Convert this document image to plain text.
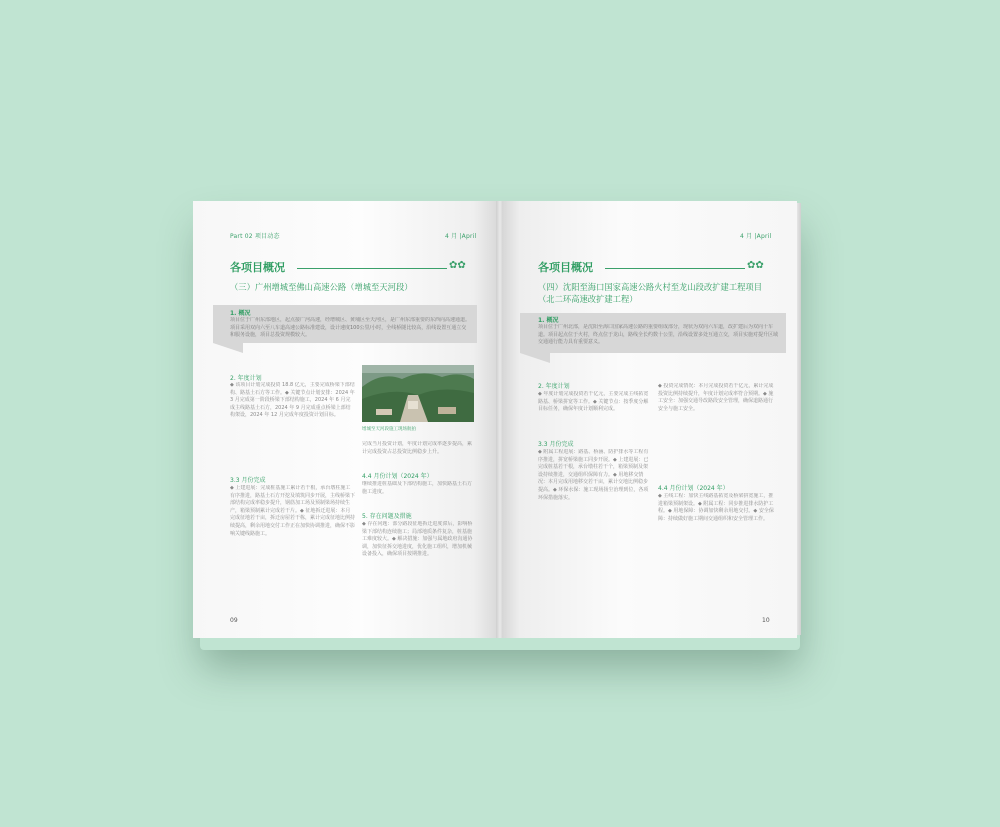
Part 02 项目动态	4 月 |April
各项目概况	✿✿
（三）广州增城至佛山高速公路（增城至天河段）
1. 概况
项目位于广州东部地区，起点接广河高速，经增城区、黄埔区至天河区，是广州东部重要的东西向高速通道。项目采用双向六至八车道高速公路标准建设，设计速度100公里/小时，全线桥隧比较高，沿线设置互通立交和服务设施，项目总投资规模较大。
2. 年度计划
◆ 该项目计划完成投资 18.8 亿元，主要完成桥梁下部结构、路基土石方等工作。◆ 关键节点计划安排：2024 年 3 月完成第一阶段桥梁下部结构施工，2024 年 6 月完成主线路基土石方，2024 年 9 月完成重点桥梁上部结构架设，2024 年 12 月完成年度投资计划目标。
增城至天河段施工现场航拍
完成当月投资计划，年度计划完成率逐步提高，累计完成投资占总投资比例稳步上升。
4.4 月份计划（2024 年）
继续推进桩基础及下部结构施工，加快路基土石方施工进度。
5. 存在问题及措施
◆ 存在问题：部分路段征地拆迁进度滞后，影响桥梁下部结构连续施工；局部地质条件复杂，桩基施工难度较大。◆ 解决措施：加强与属地政府沟通协调，加快征拆交地进度，优化施工组织，增加机械设备投入，确保项目按期推进。
3.3 月份完成
◆ 上建进展：完成桩基施工累计若干根，承台墩柱施工有序推进，路基土石方开挖及填筑同步开展，主线桥梁下部结构完成率稳步提升，钢筋加工场及预制梁场持续生产，箱梁预制累计完成若干片。◆ 征地拆迁进展：本月完成征地若干亩，拆迁房屋若干栋，累计完成征地比例持续提高，剩余用地交付工作正在加快协调推进，确保不影响关键线路施工。
09
4 月 |April
各项目概况	✿✿
（四）沈阳至海口国家高速公路火村至龙山段改扩建工程项目（北二环高速改扩建工程）
1. 概况
项目位于广州北部，是沈阳至海口国家高速公路的重要组成部分，现状为双向六车道，改扩建后为双向十车道。项目起点位于火村，终点位于龙山，路线全长约数十公里，沿线设置多处互通立交，项目实施对提升区域交通通行能力具有重要意义。
2. 年度计划
◆ 年度计划完成投资若干亿元，主要完成主线拓宽路基、桥梁拼宽等工作。◆ 关键节点：按季度分解目标任务，确保年度计划顺利完成。
3.3 月份完成
◆ 附属工程进展：路基、桥涵、防护排水等工程有序推进，拼宽桥梁施工同步开展。◆ 上建进展：已完成桩基若干根，承台墩柱若干个，箱梁预制及架设持续推进，交通组织保障有力。◆ 用地移交情况：本月完成用地移交若干亩，累计交地比例稳步提高。◆ 环保水保：施工现场扬尘治理到位，各项环保措施落实。
◆ 投资完成情况：本月完成投资若干亿元，累计完成投资比例持续提升，年度计划完成率符合预期。◆ 施工安全：加强交通导改路段安全管理，确保道路通行安全与施工安全。
4.4 月份计划（2024 年）
◆ 主线工程：加快主线路基拓宽及桥梁拼宽施工，推进箱梁预制架设。◆ 附属工程：同步推进排水防护工程。◆ 用地保障：协调加快剩余用地交付。◆ 安全保障：持续做好施工期间交通组织和安全管理工作。
10
